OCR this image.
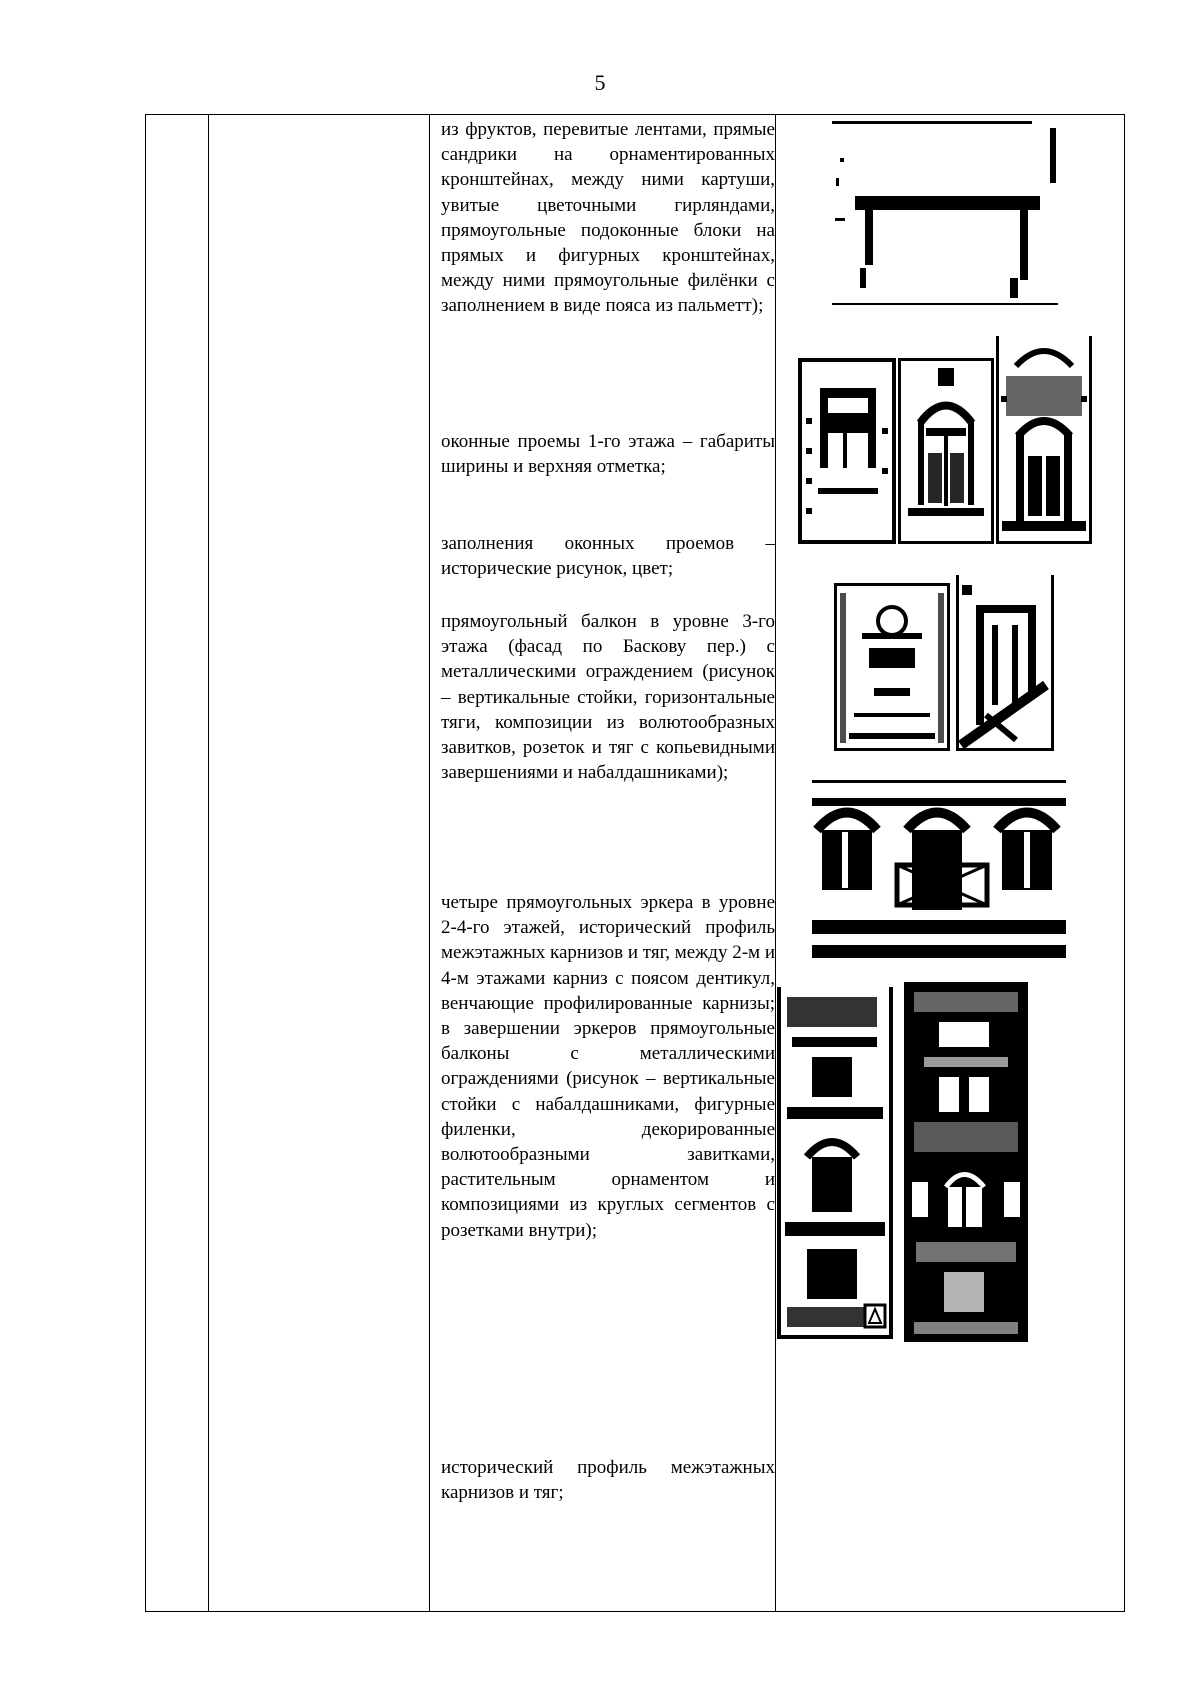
5
из фруктов, перевитые лентами, прямые сандрики на орнаментированных кронштейнах, между ними картуши, увитые цветочными гирляндами, прямоугольные подоконные блоки на прямых и фигурных кронштейнах, между ними прямоугольные филёнки с заполнением в виде пояса из пальметт);
оконные проемы 1-го этажа – габариты ширины и верхняя отметка;
заполнения оконных проемов – исторические рисунок, цвет;
прямоугольный балкон в уровне 3-го этажа (фасад по Баскову пер.) с металлическими ограждением (рисунок – вертикальные стойки, горизонтальные тяги, композиции из волютообразных завитков, розеток и тяг с копьевидными завершениями и набалдашниками);
четыре прямоугольных эркера в уровне 2-4-го этажей, исторический профиль межэтажных карнизов и тяг, между 2-м и 4-м этажами карниз с поясом дентикул, венчающие профилированные карнизы; в завершении эркеров прямоугольные балконы с металлическими ограждениями (рисунок – вертикальные стойки с набалдашниками, фигурные филенки, декорированные волютообразными завитками, растительным орнаментом и композициями из круглых сегментов с розетками внутри);
исторический профиль межэтажных карнизов и тяг;
